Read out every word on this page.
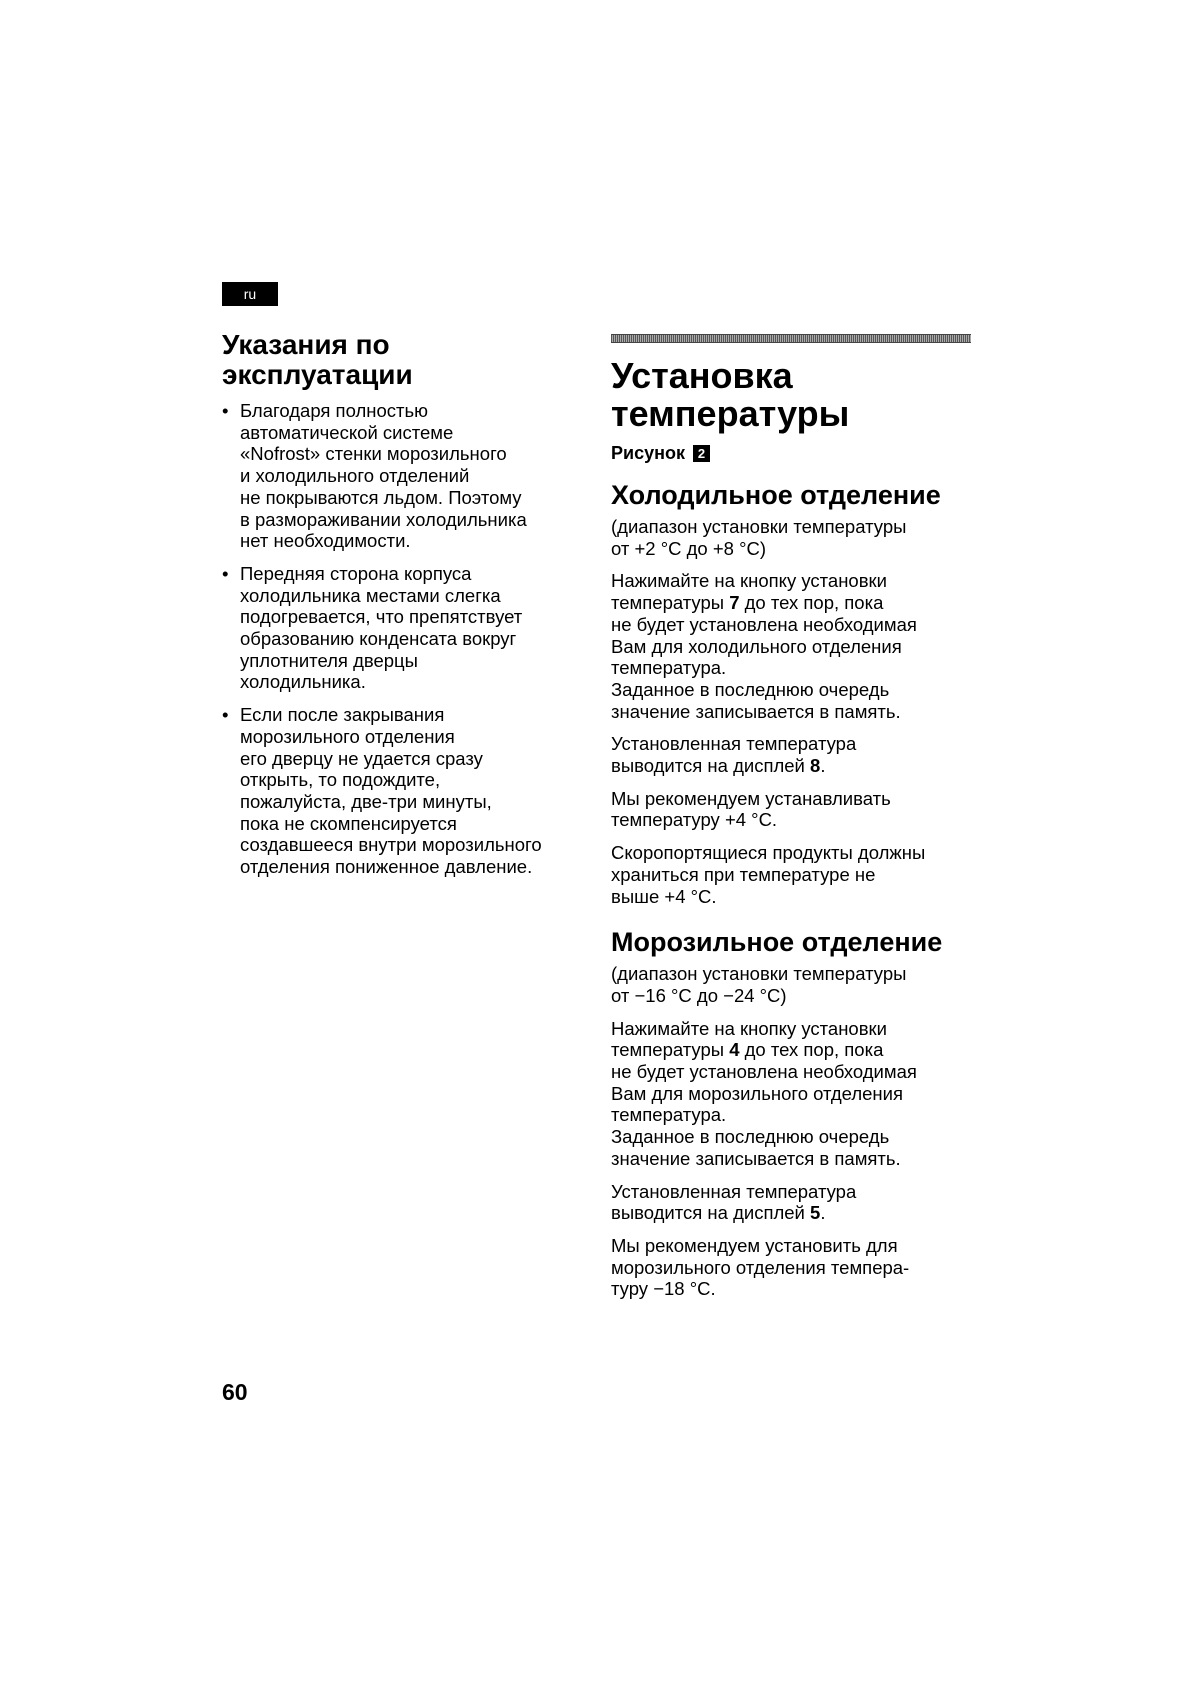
ru
Указания по
эксплуатации
• Благодаря полностью
автоматической системе
«Nofrost» стенки морозильного
и холодильного отделений
не покрываются льдом. Поэтому
в размораживании холодильника
нет необходимости.
• Передняя сторона корпуса
холодильника местами слегка
подогревается, что препятствует
образованию конденсата вокруг
уплотнителя дверцы
холодильника.
• Если после закрывания
морозильного отделения
его дверцу не удается сразу
открыть, то подождите,
пожалуйста, две-три минуты,
пока не скомпенсируется
создавшееся внутри морозильного
отделения пониженное давление.
Установка
температуры
Рисунок 2
Холодильное отделение

(диапазон установки температуры
от +2 °C до +8 °C)

Нажимайте на кнопку установки
температуры 7 до тех пор, пока
не будет установлена необходимая
Вам для холодильного отделения
температура.
Заданное в последнюю очередь
значение записывается в память.

Установленная температура
выводится на дисплей 8.

Мы рекомендуем устанавливать
температуру +4 °C.

Скоропортящиеся продукты должны
храниться при температуре не
выше +4 °C.

Морозильное отделение

(диапазон установки температуры
от −16 °C до −24 °C)

Нажимайте на кнопку установки
температуры 4 до тех пор, пока
не будет установлена необходимая
Вам для морозильного отделения
температура.
Заданное в последнюю очередь
значение записывается в память.

Установленная температура
выводится на дисплей 5.

Мы рекомендуем установить для
морозильного отделения темпера-
туру −18 °C.

60
